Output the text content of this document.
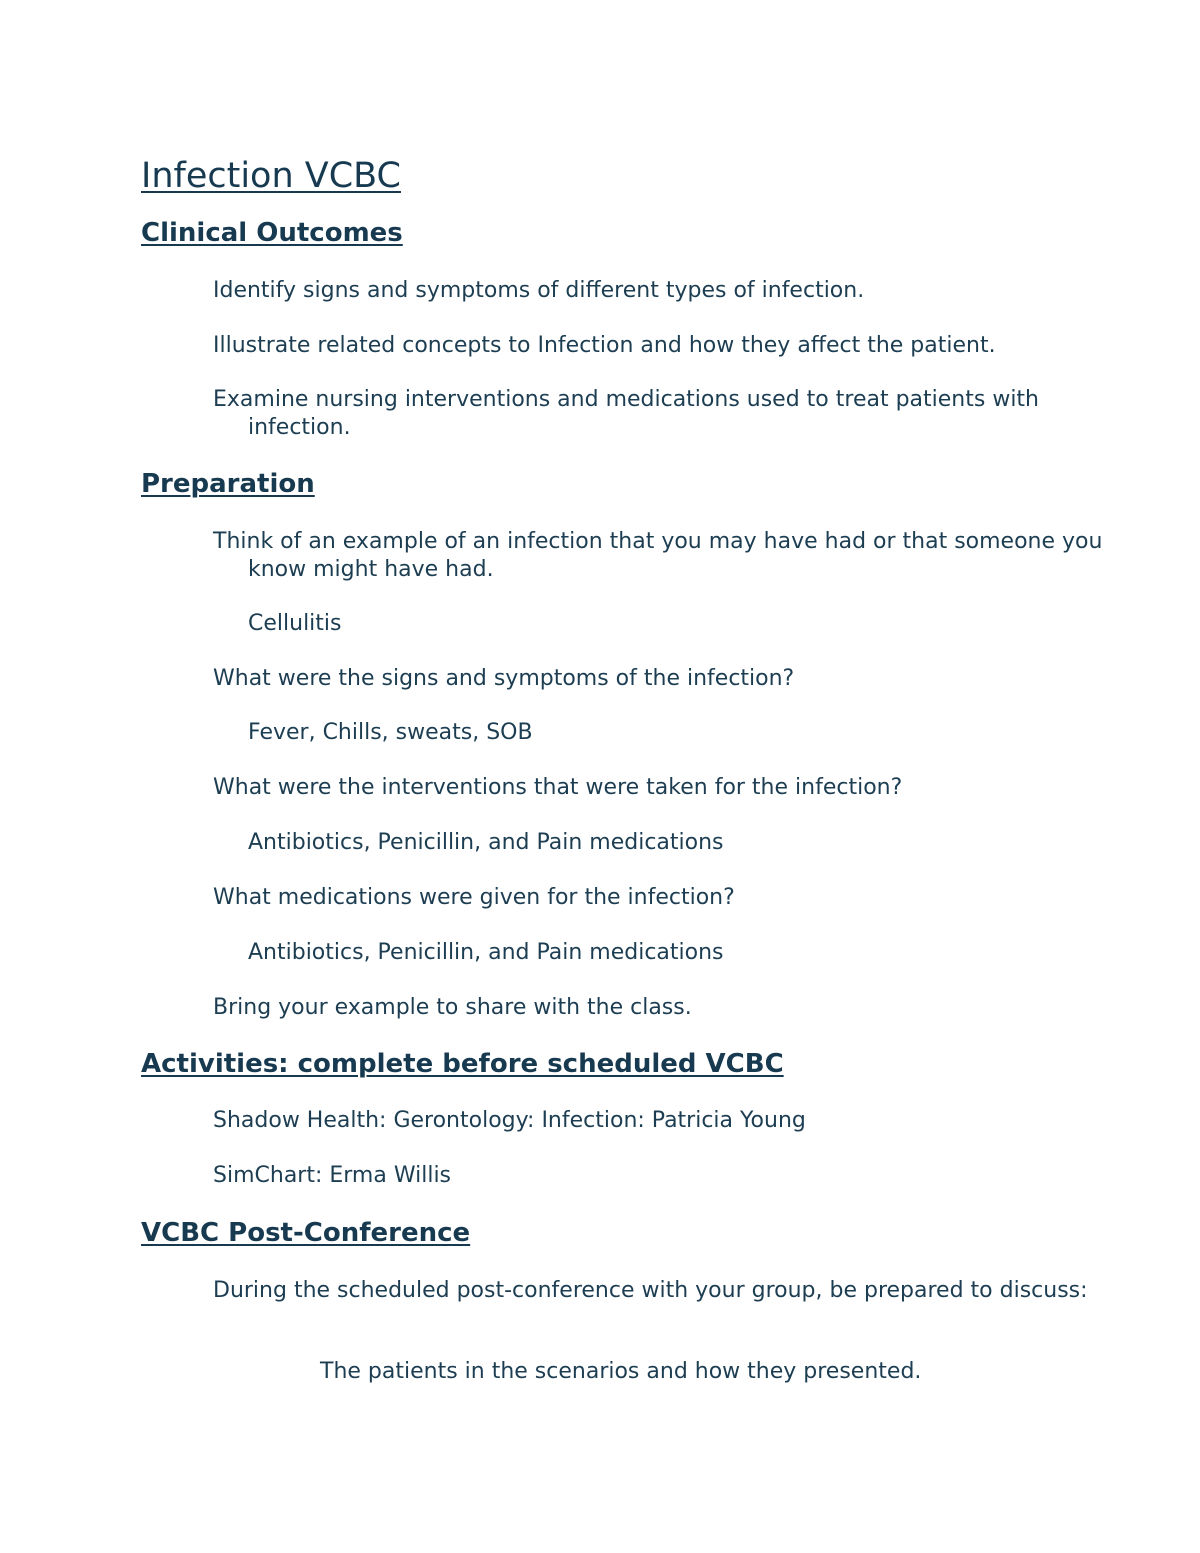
Infection VCBC
Clinical Outcomes

Identify signs and symptoms of different types of infection.

Illustrate related concepts to Infection and how they affect the patient.

Examine nursing interventions and medications used to treat patients with infection.

Preparation

Think of an example of an infection that you may have had or that someone you know might have had.

Cellulitis

What were the signs and symptoms of the infection?

Fever, Chills, sweats, SOB

What were the interventions that were taken for the infection?

Antibiotics, Penicillin, and Pain medications

What medications were given for the infection?

Antibiotics, Penicillin, and Pain medications

Bring your example to share with the class.

Activities: complete before scheduled VCBC

Shadow Health: Gerontology: Infection: Patricia Young

SimChart: Erma Willis

VCBC Post-Conference

During the scheduled post-conference with your group, be prepared to discuss:

The patients in the scenarios and how they presented.
